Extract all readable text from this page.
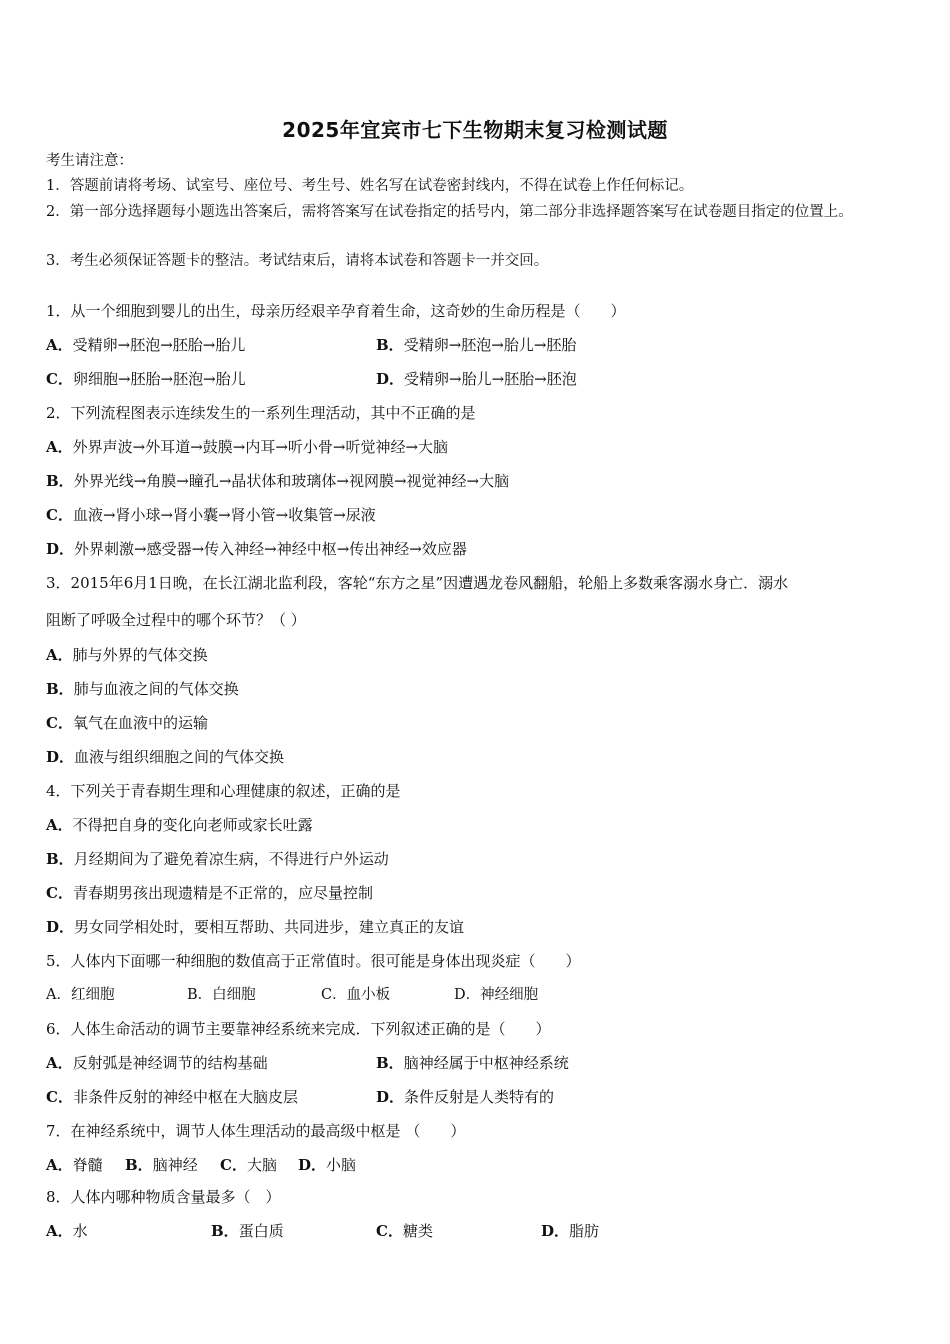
2025年宜宾市七下生物期末复习检测试题
考生请注意：
1．答题前请将考场、试室号、座位号、考生号、姓名写在试卷密封线内，不得在试卷上作任何标记。
2．第一部分选择题每小题选出答案后，需将答案写在试卷指定的括号内，第二部分非选择题答案写在试卷题目指定的位置上。
3．考生必须保证答题卡的整洁。考试结束后，请将本试卷和答题卡一并交回。
1．从一个细胞到婴儿的出生，母亲历经艰辛孕育着生命，这奇妙的生命历程是（　　）
A．受精卵→胚泡→胚胎→胎儿	B．受精卵→胚泡→胎儿→胚胎
C．卵细胞→胚胎→胚泡→胎儿	D．受精卵→胎儿→胚胎→胚泡
2．下列流程图表示连续发生的一系列生理活动，其中不正确的是
A．外界声波→外耳道→鼓膜→内耳→听小骨→听觉神经→大脑
B．外界光线→角膜→瞳孔→晶状体和玻璃体→视网膜→视觉神经→大脑
C．血液→肾小球→肾小囊→肾小管→收集管→尿液
D．外界刺激→感受器→传入神经→神经中枢→传出神经→效应器
3．2015年6月1日晚，在长江湖北监利段，客轮“东方之星”因遭遇龙卷风翻船，轮船上多数乘客溺水身亡．溺水
阻断了呼吸全过程中的哪个环节？（ ）
A．肺与外界的气体交换
B．肺与血液之间的气体交换
C．氧气在血液中的运输
D．血液与组织细胞之间的气体交换
4．下列关于青春期生理和心理健康的叙述，正确的是
A．不得把自身的变化向老师或家长吐露
B．月经期间为了避免着凉生病，不得进行户外运动
C．青春期男孩出现遗精是不正常的，应尽量控制
D．男女同学相处时，要相互帮助、共同进步，建立真正的友谊
5．人体内下面哪一种细胞的数值高于正常值时。很可能是身体出现炎症（　　）
A．红细胞	B．白细胞	C．血小板	D．神经细胞
6．人体生命活动的调节主要靠神经系统来完成．下列叙述正确的是（　　）
A．反射弧是神经调节的结构基础	B．脑神经属于中枢神经系统
C．非条件反射的神经中枢在大脑皮层	D．条件反射是人类特有的
7．在神经系统中，调节人体生理活动的最高级中枢是 （　　）
A．脊髓 B．脑神经 C．大脑 D．小脑
8．人体内哪种物质含量最多（　）
A．水	B．蛋白质	C．糖类	D．脂肪
